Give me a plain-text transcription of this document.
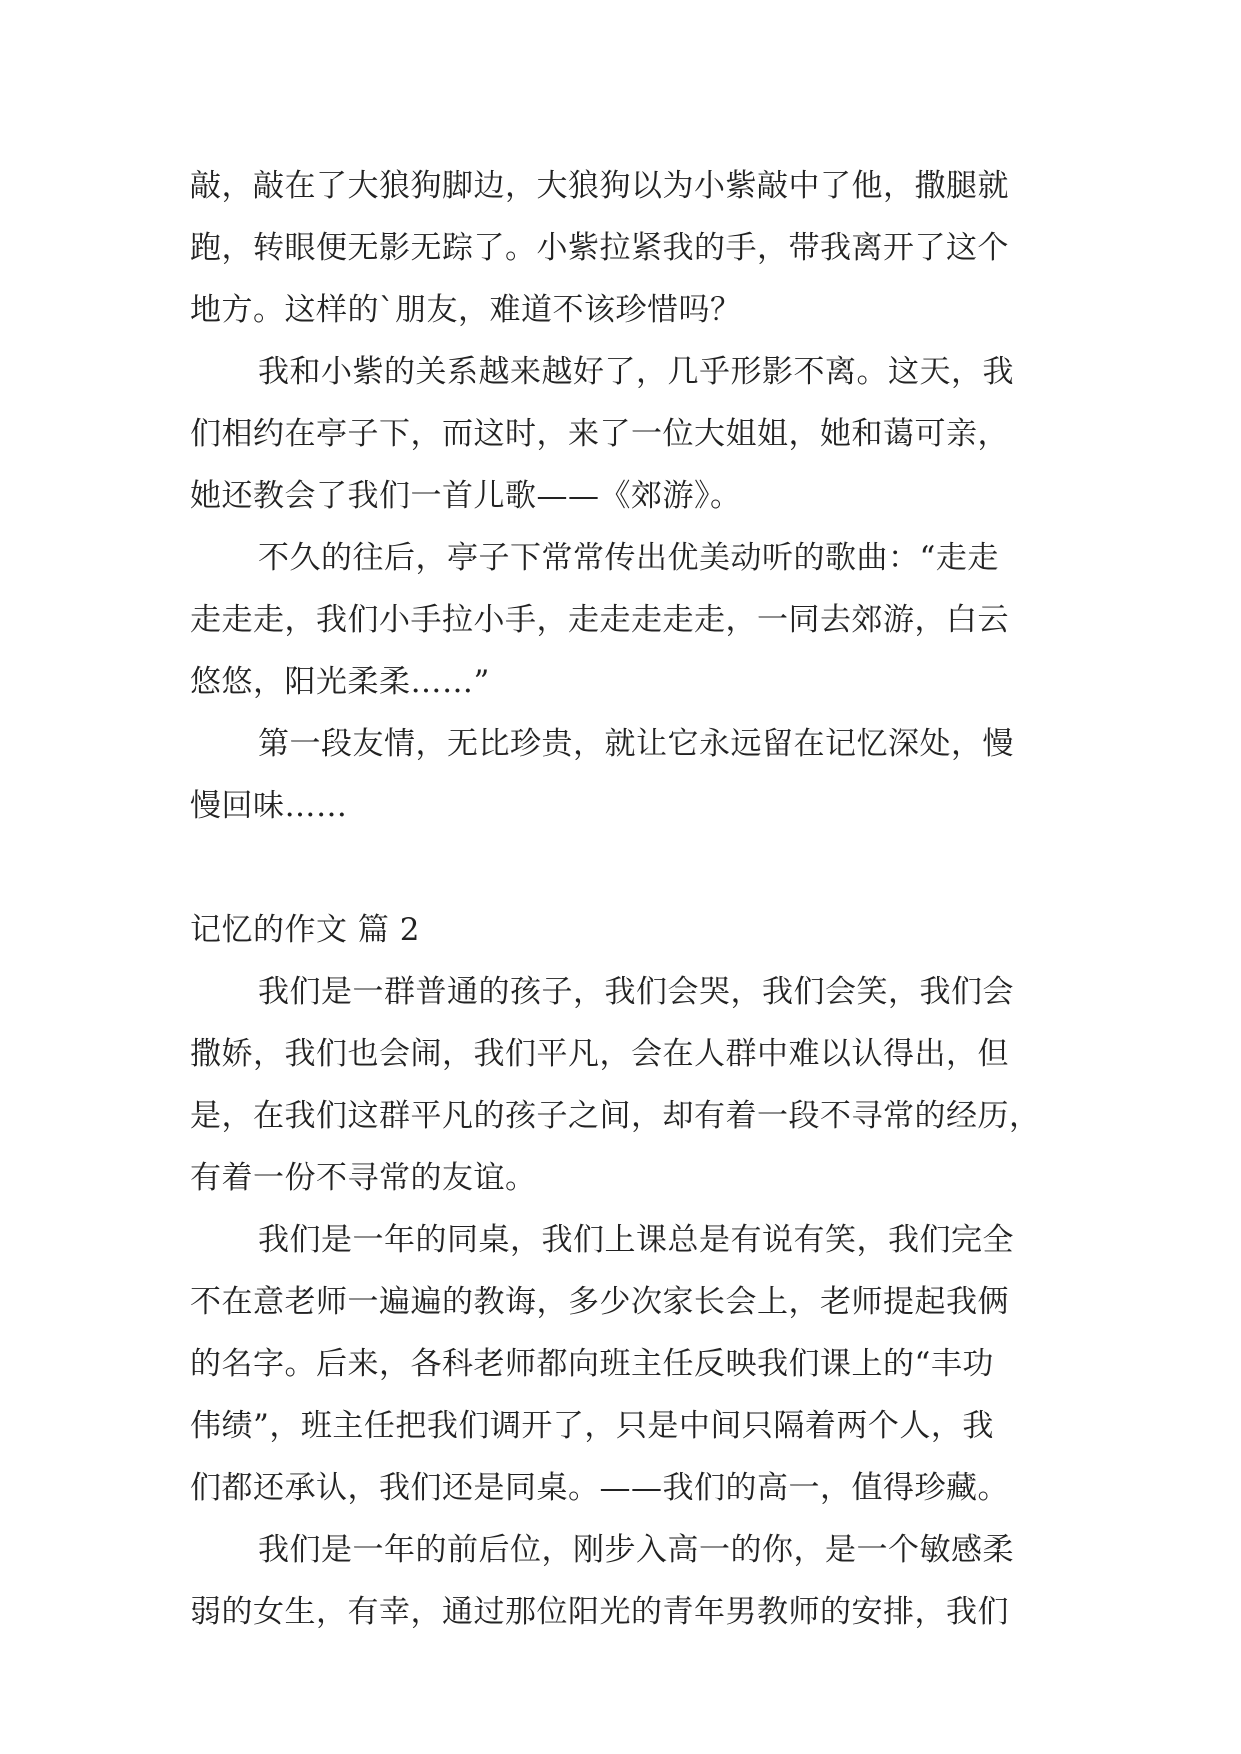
敲，敲在了大狼狗脚边，大狼狗以为小紫敲中了他，撒腿就
跑，转眼便无影无踪了。小紫拉紧我的手，带我离开了这个
地方。这样的`朋友，难道不该珍惜吗？
我和小紫的关系越来越好了，几乎形影不离。这天，我
们相约在亭子下，而这时，来了一位大姐姐，她和蔼可亲，
她还教会了我们一首儿歌——《郊游》。
不久的往后，亭子下常常传出优美动听的歌曲：“走走
走走走，我们小手拉小手，走走走走走，一同去郊游，白云
悠悠，阳光柔柔……”
第一段友情，无比珍贵，就让它永远留在记忆深处，慢
慢回味……
记忆的作文 篇 2
我们是一群普通的孩子，我们会哭，我们会笑，我们会
撒娇，我们也会闹，我们平凡，会在人群中难以认得出，但
是，在我们这群平凡的孩子之间，却有着一段不寻常的经历，
有着一份不寻常的友谊。
我们是一年的同桌，我们上课总是有说有笑，我们完全
不在意老师一遍遍的教诲，多少次家长会上，老师提起我俩
的名字。后来，各科老师都向班主任反映我们课上的“丰功
伟绩”，班主任把我们调开了，只是中间只隔着两个人，我
们都还承认，我们还是同桌。——我们的高一，值得珍藏。
我们是一年的前后位，刚步入高一的你，是一个敏感柔
弱的女生，有幸，通过那位阳光的青年男教师的安排，我们
